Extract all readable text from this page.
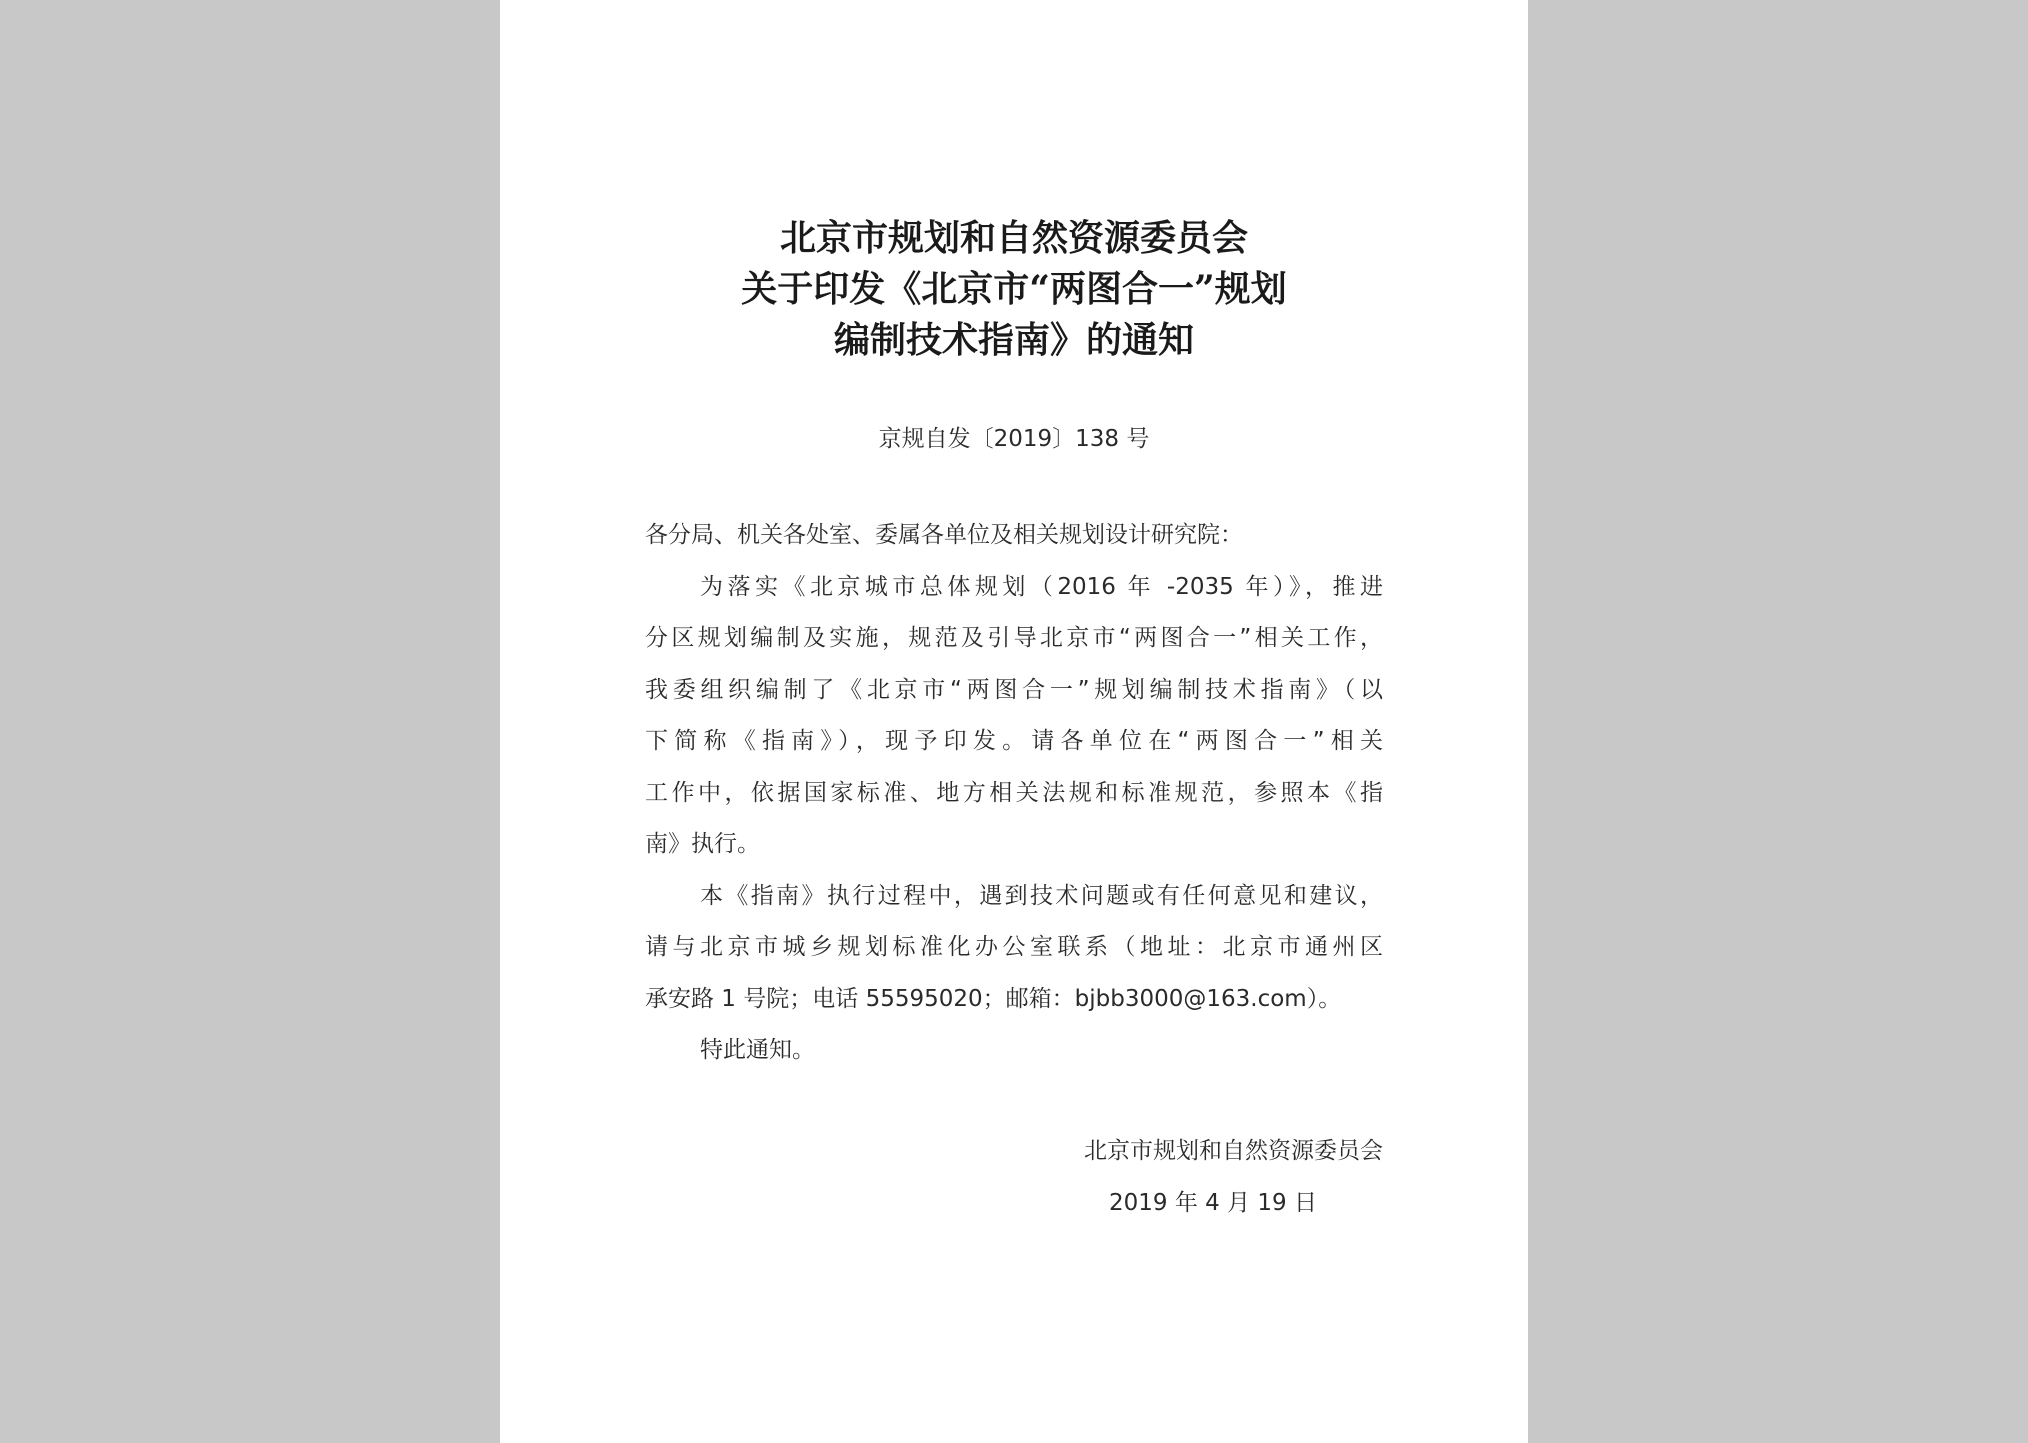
北京市规划和自然资源委员会
关于印发《北京市“两图合一”规划
编制技术指南》的通知
京规自发〔2019〕138 号
各分局、机关各处室、委属各单位及相关规划设计研究院：
为落实《北京城市总体规划（2016 年 -2035 年）》，推进
分区规划编制及实施，规范及引导北京市“两图合一”相关工作，
我委组织编制了《北京市“两图合一”规划编制技术指南》（以
下简称《指南》），现予印发。请各单位在“两图合一”相关
工作中，依据国家标准、地方相关法规和标准规范，参照本《指
南》执行。
本《指南》执行过程中，遇到技术问题或有任何意见和建议，
请与北京市城乡规划标准化办公室联系（地址：北京市通州区
承安路 1 号院；电话 55595020；邮箱：bjbb3000@163.com）。
特此通知。
北京市规划和自然资源委员会
2019 年 4 月 19 日
